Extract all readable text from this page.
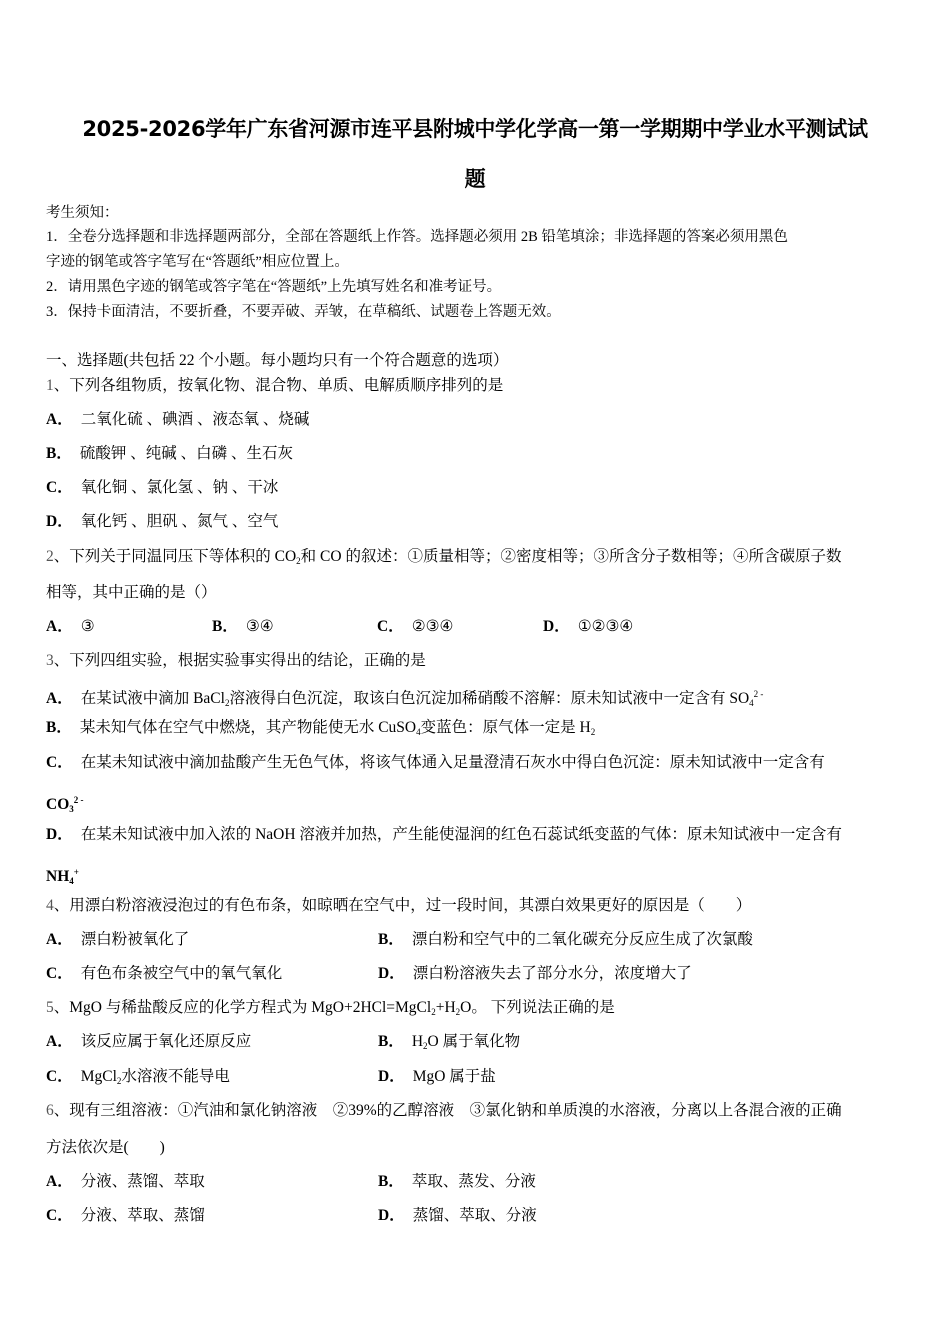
2025-2026学年广东省河源市连平县附城中学化学高一第一学期期中学业水平测试试
题
考生须知：
1．全卷分选择题和非选择题两部分，全部在答题纸上作答。选择题必须用 2B 铅笔填涂；非选择题的答案必须用黑色
字迹的钢笔或答字笔写在“答题纸”相应位置上。
2．请用黑色字迹的钢笔或答字笔在“答题纸”上先填写姓名和准考证号。
3．保持卡面清洁，不要折叠，不要弄破、弄皱，在草稿纸、试题卷上答题无效。
一、选择题(共包括 22 个小题。每小题均只有一个符合题意的选项）
1、下列各组物质，按氧化物、混合物、单质、电解质顺序排列的是
A． 二氧化硫 、碘酒 、液态氧 、烧碱
B． 硫酸钾 、纯碱 、白磷 、生石灰
C． 氧化铜 、氯化氢 、钠 、干冰
D． 氧化钙 、胆矾 、氮气 、空气
2、下列关于同温同压下等体积的 $CO_2$和 CO 的叙述：①质量相等；②密度相等；③所含分子数相等；④所含碳原子数
相等，其中正确的是（）
A． ③	B． ③④	C． ②③④	D． ①②③④
3、下列四组实验，根据实验事实得出的结论，正确的是
A． 在某试液中滴加 BaCl$_2$溶液得白色沉淀，取该白色沉淀加稀硝酸不溶解：原未知试液中一定含有 $SO_4^{2 -}$
B． 某未知气体在空气中燃烧，其产物能使无水 CuSO$_4$变蓝色：原气体一定是 $H_2$
C． 在某未知试液中滴加盐酸产生无色气体，将该气体通入足量澄清石灰水中得白色沉淀：原未知试液中一定含有
$CO_3^{2 -}$
D． 在某未知试液中加入浓的 NaOH 溶液并加热，产生能使湿润的红色石蕊试纸变蓝的气体：原未知试液中一定含有
$NH_4^+$
4、用漂白粉溶液浸泡过的有色布条，如晾晒在空气中，过一段时间，其漂白效果更好的原因是（　　）
A． 漂白粉被氧化了	B． 漂白粉和空气中的二氧化碳充分反应生成了次氯酸
C． 有色布条被空气中的氧气氧化	D． 漂白粉溶液失去了部分水分，浓度增大了
5、MgO 与稀盐酸反应的化学方程式为 $MgO+2HCl=MgCl_2+H_2O$。 下列说法正确的是
A． 该反应属于氧化还原反应	B． $H_2O$ 属于氧化物
C． MgCl$_2$水溶液不能导电	D． MgO 属于盐
6、现有三组溶液：①汽油和氯化钠溶液　②39%的乙醇溶液　③氯化钠和单质溴的水溶液，分离以上各混合液的正确
方法依次是(　　)
A． 分液、蒸馏、萃取	B． 萃取、蒸发、分液
C． 分液、萃取、蒸馏	D． 蒸馏、萃取、分液
